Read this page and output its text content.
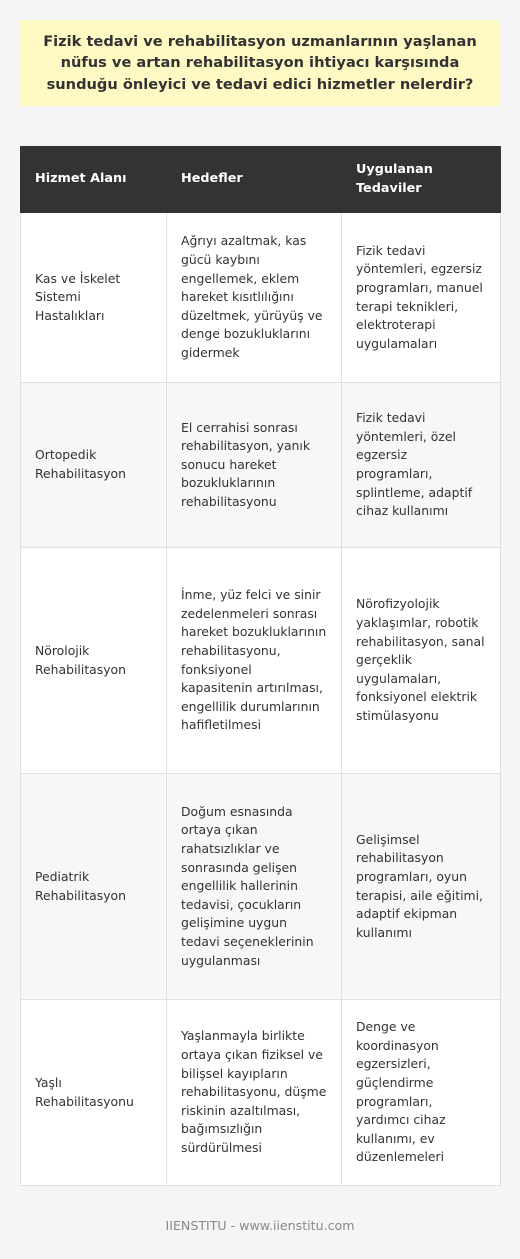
Fizik tedavi ve rehabilitasyon uzmanlarının yaşlanan nüfus ve artan rehabilitasyon ihtiyacı karşısında sunduğu önleyici ve tedavi edici hizmetler nelerdir?
Hizmet Alanı	Hedefler	Uygulanan Tedaviler
Kas ve İskelet Sistemi Hastalıkları	Ağrıyı azaltmak, kas gücü kaybını engellemek, eklem hareket kısıtlılığını düzeltmek, yürüyüş ve denge bozukluklarını gidermek	Fizik tedavi yöntemleri, egzersiz programları, manuel terapi teknikleri, elektroterapi uygulamaları
Ortopedik Rehabilitasyon	El cerrahisi sonrası rehabilitasyon, yanık sonucu hareket bozukluklarının rehabilitasyonu	Fizik tedavi yöntemleri, özel egzersiz programları, splintleme, adaptif cihaz kullanımı
Nörolojik Rehabilitasyon	İnme, yüz felci ve sinir zedelenmeleri sonrası hareket bozukluklarının rehabilitasyonu, fonksiyonel kapasitenin artırılması, engellilik durumlarının hafifletilmesi	Nörofizyolojik yaklaşımlar, robotik rehabilitasyon, sanal gerçeklik uygulamaları, fonksiyonel elektrik stimülasyonu
Pediatrik Rehabilitasyon	Doğum esnasında ortaya çıkan rahatsızlıklar ve sonrasında gelişen engellilik hallerinin tedavisi, çocukların gelişimine uygun tedavi seçeneklerinin uygulanması	Gelişimsel rehabilitasyon programları, oyun terapisi, aile eğitimi, adaptif ekipman kullanımı
Yaşlı Rehabilitasyonu	Yaşlanmayla birlikte ortaya çıkan fiziksel ve bilişsel kayıpların rehabilitasyonu, düşme riskinin azaltılması, bağımsızlığın sürdürülmesi	Denge ve koordinasyon egzersizleri, güçlendirme programları, yardımcı cihaz kullanımı, ev düzenlemeleri
IIENSTITU - www.iienstitu.com
